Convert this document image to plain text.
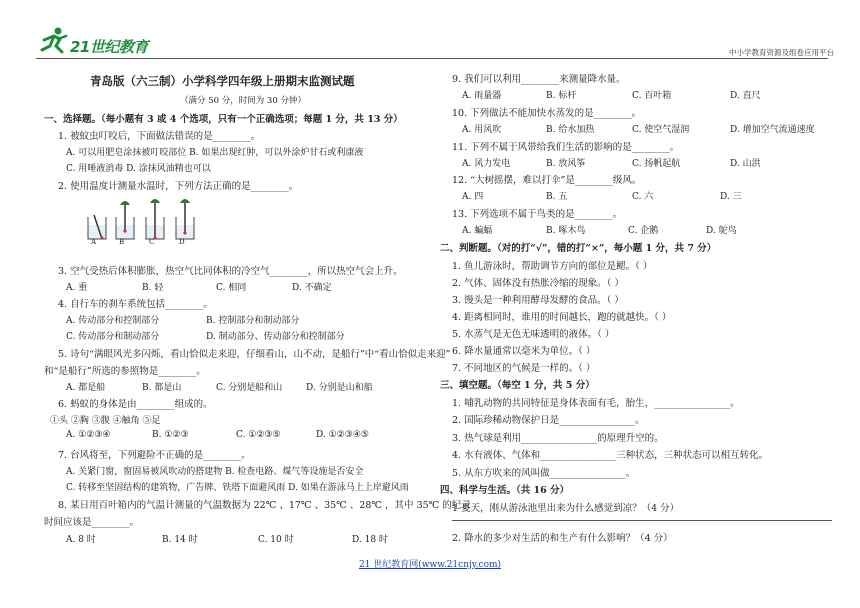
21世纪教育	中小学教育资源及组卷应用平台
青岛版（六三制）小学科学四年级上册期末监测试题
（满分 50 分，时间为 30 分钟）
一、选择题。（每小题有 3 或 4 个选项，只有一个正确选项；每题 1 分，共 13 分）
1. 被蚊虫叮咬后，下面做法错误的是________。
A. 可以用肥皂涂抹被叮咬部位 B. 如果出现红肿，可以外涂炉甘石或利康液
C. 用唾液消毒 D. 涂抹风油精也可以
2. 使用温度计测量水温时，下列方法正确的是________。
A	B	C	D
3. 空气受热后体积膨胀，热空气比同体积的冷空气________，所以热空气会上升。
A. 重	B. 轻	C. 相同	D. 不确定
4. 自行车的刹车系统包括________。
A. 传动部分和控制部分	B. 控制部分和制动部分
C. 传动部分和制动部分	D. 制动部分、传动部分和控制部分
5. 诗句“满眼风光多闪烁，看山恰似走来迎，仔细看山，山不动，是船行”中“看山恰似走来迎”
和“是船行”所选的参照物是________。
A. 都是船	B. 都是山	C. 分别是船和山	D. 分别是山和船
6. 蚂蚁的身体是由________组成的。
①头 ②胸 ③腹 ④触角 ⑤足
A. ①②③④	B. ①②③	C. ①②③⑤	D. ①②③④⑤
7. 台风将至，下列避险不正确的是________。
A. 关紧门窗，窗固易被风吹动的搭建物 B. 检查电路、煤气等设施是否安全
C. 转移至坚固结构的建筑物，广告牌、铁塔下面避风雨 D. 如果在游泳马上上岸避风雨
8. 某日用百叶箱内的气温计测量的气温数据为 22℃ 、17℃ 、35℃ 、28℃ ，其中 35℃ 的纪录
时间应该是________。
A. 8 时	B. 14 时	C. 10 时	D. 18 时
9. 我们可以利用________来测量降水量。
A. 雨量器	B. 标杆	C. 百叶箱	D. 直尺
10. 下列做法不能加快水蒸发的是________。
A. 用风吹	B. 给水加热	C. 使空气湿润	D. 增加空气流通速度
11. 下列不属于风带给我们生活的影响的是________。
A. 风力发电	B. 放风筝	C. 扬帆起航	D. 山洪
12. “大树摇摆，难以打伞”是________级风。
A. 四	B. 五	C. 六	D. 三
13. 下列选项不属于鸟类的是________。
A. 蝙蝠	B. 啄木鸟	C. 企鹅	D. 鸵鸟
二、判断题。（对的打“√”，错的打“×”，每小题 1 分，共 7 分）
1. 鱼儿游泳时，帮助调节方向的部位是鳃。（ ）
2. 气体、固体没有热胀冷缩的现象。（ ）
3. 馒头是一种利用酵母发酵的食品。（ ）
4. 距离相同时，谁用的时间越长，跑的就越快。（ ）
5. 水蒸气是无色无味透明的液体。（ ）
6. 降水量通常以毫米为单位。（ ）
7. 不同地区的气候是一样的。（ ）
三、填空题。（每空 1 分，共 5 分）
1. 哺乳动物的共同特征是身体表面有毛，胎生，________________。
2. 国际珍稀动物保护日是________________。
3. 热气球是利用________________的原理升空的。
4. 水有液体、气体和________________三种状态，三种状态可以相互转化。
5. 从东方吹来的风叫做________________。
四、科学与生活。（共 16 分）
1 夏天，刚从游泳池里出来为什么感觉到凉？（4 分）
2. 降水的多少对生活的和生产有什么影响？（4 分）
21 世纪教育网(www.21cnjy.com)
